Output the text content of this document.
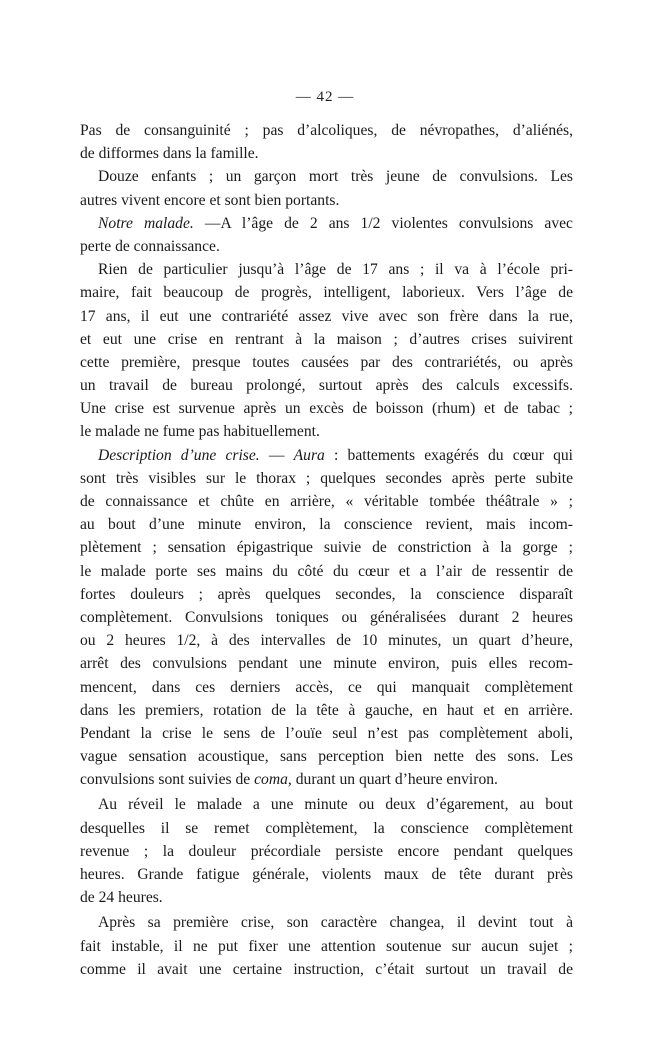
— 42 —
Pas de consanguinité ; pas d’alcoliques, de névropathes, d’aliénés,
de difformes dans la famille.
Douze enfants ; un garçon mort très jeune de convulsions. Les
autres vivent encore et sont bien portants.
Notre malade. —A l’âge de 2 ans 1/2 violentes convulsions avec
perte de connaissance.
Rien de particulier jusqu’à l’âge de 17 ans ; il va à l’école pri-
maire, fait beaucoup de progrès, intelligent, laborieux. Vers l’âge de
17 ans, il eut une contrariété assez vive avec son frère dans la rue,
et eut une crise en rentrant à la maison ; d’autres crises suivirent
cette première, presque toutes causées par des contrariétés, ou après
un travail de bureau prolongé, surtout après des calculs excessifs.
Une crise est survenue après un excès de boisson (rhum) et de tabac ;
le malade ne fume pas habituellement.
Description d’une crise. — Aura : battements exagérés du cœur qui
sont très visibles sur le thorax ; quelques secondes après perte subite
de connaissance et chûte en arrière, « véritable tombée théâtrale » ;
au bout d’une minute environ, la conscience revient, mais incom-
plètement ; sensation épigastrique suivie de constriction à la gorge ;
le malade porte ses mains du côté du cœur et a l’air de ressentir de
fortes douleurs ; après quelques secondes, la conscience disparaît
complètement. Convulsions toniques ou généralisées durant 2 heures
ou 2 heures 1/2, à des intervalles de 10 minutes, un quart d’heure,
arrêt des convulsions pendant une minute environ, puis elles recom-
mencent, dans ces derniers accès, ce qui manquait complètement
dans les premiers, rotation de la tête à gauche, en haut et en arrière.
Pendant la crise le sens de l’ouïe seul n’est pas complètement aboli,
vague sensation acoustique, sans perception bien nette des sons. Les
convulsions sont suivies de coma, durant un quart d’heure environ.
Au réveil le malade a une minute ou deux d’égarement, au bout
desquelles il se remet complètement, la conscience complètement
revenue ; la douleur précordiale persiste encore pendant quelques
heures. Grande fatigue générale, violents maux de tête durant près
de 24 heures.
Après sa première crise, son caractère changea, il devint tout à
fait instable, il ne put fixer une attention soutenue sur aucun sujet ;
comme il avait une certaine instruction, c’était surtout un travail de
